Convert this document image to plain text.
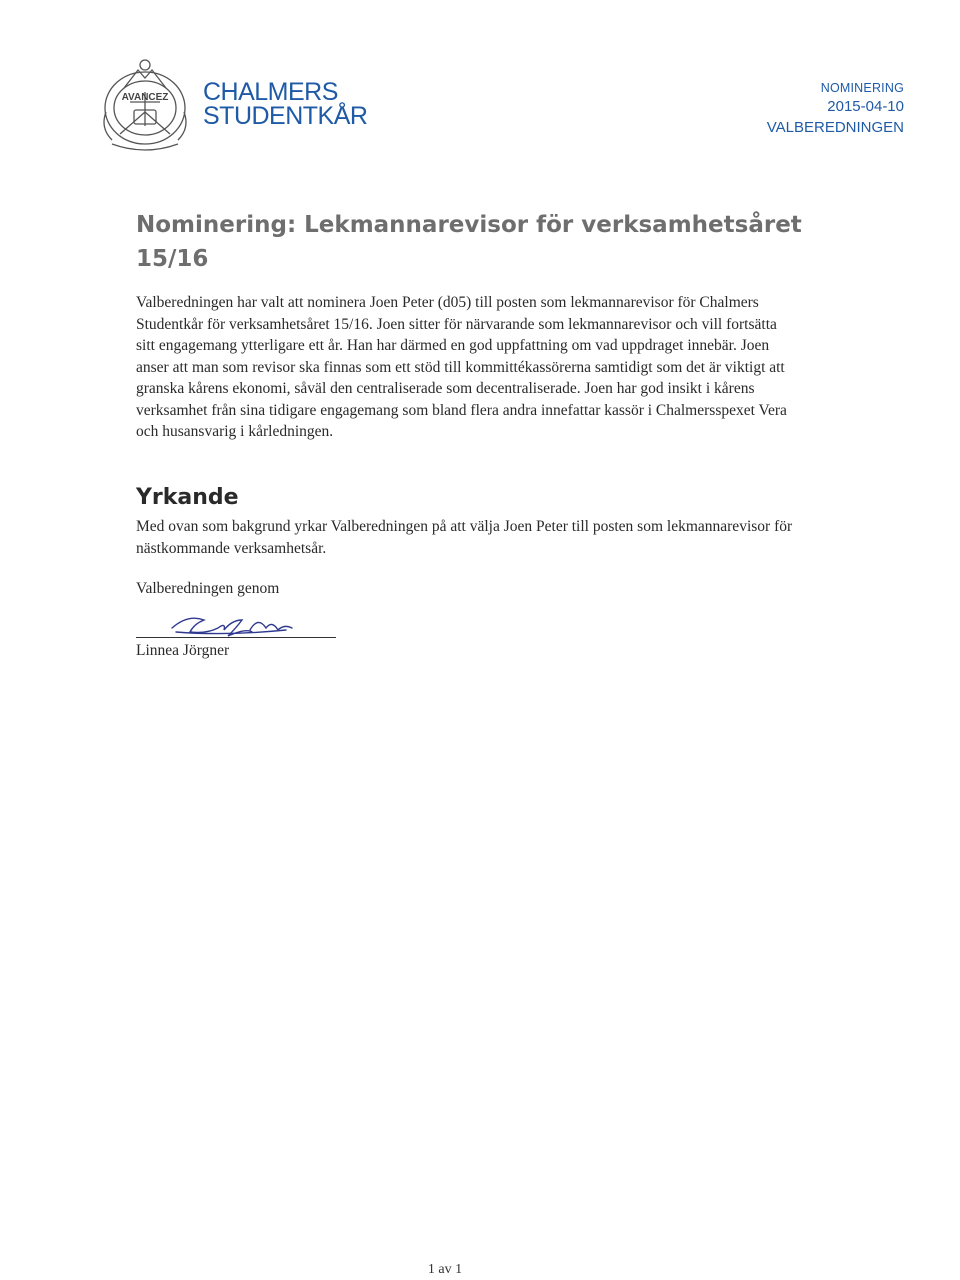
AVANCEZ CHALMERS
STUDENTKÅR
NOMINERING
2015-04-10
VALBEREDNINGEN
Nominering: Lekmannarevisor för verksamhetsåret 15/16

Valberedningen har valt att nominera Joen Peter (d05) till posten som lekmannarevisor för Chalmers Studentkår för verksamhetsåret 15/16. Joen sitter för närvarande som lekmannarevisor och vill fortsätta sitt engagemang ytterligare ett år. Han har därmed en god uppfattning om vad uppdraget innebär. Joen anser att man som revisor ska finnas som ett stöd till kommittékassörerna samtidigt som det är viktigt att granska kårens ekonomi, såväl den centraliserade som decentraliserade. Joen har god insikt i kårens verksamhet från sina tidigare engagemang som bland flera andra innefattar kassör i Chalmersspexet Vera och husansvarig i kårledningen.

Yrkande

Med ovan som bakgrund yrkar Valberedningen på att välja Joen Peter till posten som lekmannarevisor för nästkommande verksamhetsår.

Valberedningen genom

Linnea Jörgner
1 av 1
